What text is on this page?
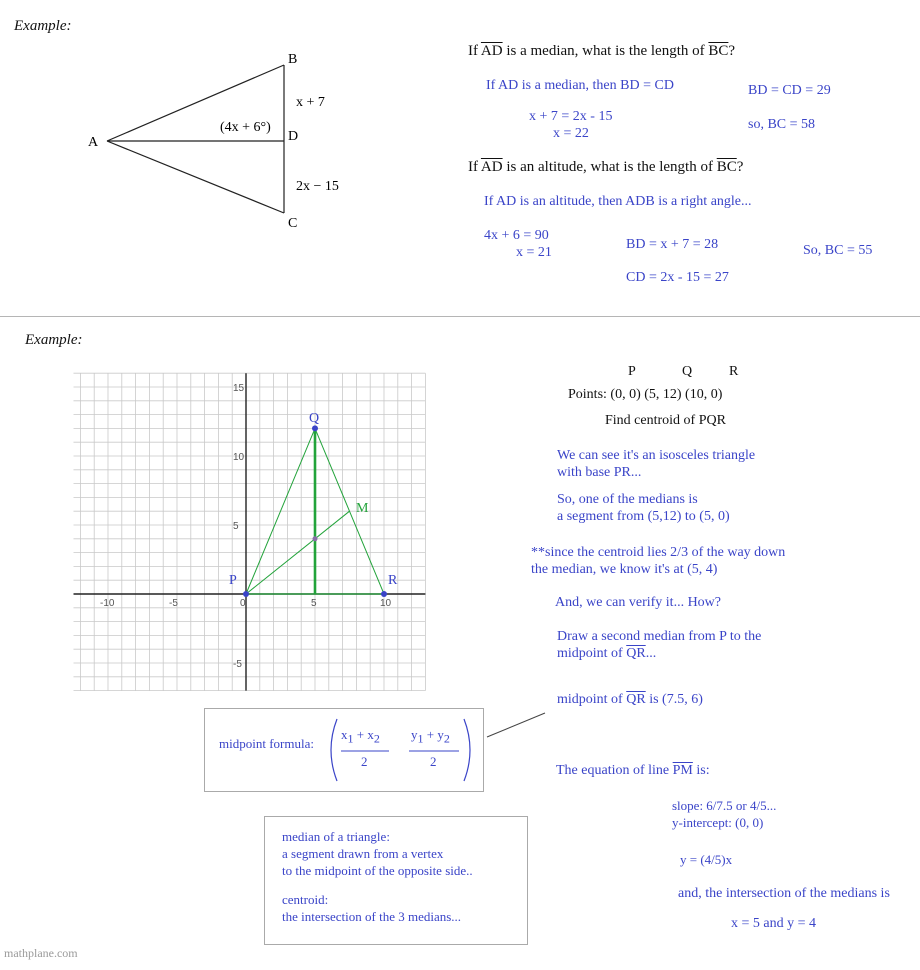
Example:
A
B
C
D
x + 7
2x − 15
(4x + 6°)
If $\overline{AD}$ is a median, what is the length of $\overline{BC}$?
If AD is a median, then BD = CD
x + 7 = 2x - 15
x = 22
BD = CD = 29
so, BC = 58
If $\overline{AD}$ is an altitude, what is the length of $\overline{BC}$?
If AD is an altitude, then ADB is a right angle...
4x + 6 = 90
x = 21
BD = x + 7 = 28
CD = 2x - 15 = 27
So, BC = 55
Example:
-10	-5	0	5	10
15
10
5
-5
P
Q
R
M
P	Q	R
Points: (0, 0) (5, 12) (10, 0)
Find centroid of PQR
We can see it's an isosceles triangle
with base PR...
So, one of the medians is
a segment from (5,12) to (5, 0)
**since the centroid lies 2/3 of the way down
the median, we know it's at (5, 4)
And, we can verify it... How?
Draw a second median from P to the
midpoint of $\overline{QR}$...
midpoint of $\overline{QR}$ is (7.5, 6)
The equation of line $\overline{PM}$ is:
slope: 6/7.5 or 4/5...
y-intercept: (0, 0)
y = (4/5)x
and, the intersection of the medians is
x = 5 and y = 4
midpoint formula:
$x_1 + x_2$
2
$y_1 + y_2$
2
median of a triangle:
a segment drawn from a vertex
to the midpoint of the opposite side..
centroid:
the intersection of the 3 medians...
mathplane.com
